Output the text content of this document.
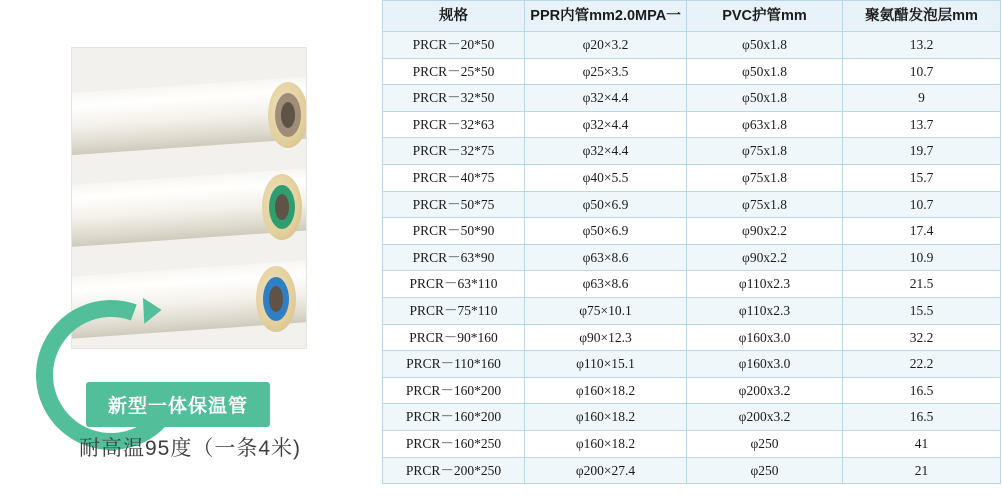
新型一体保温管
耐高温95度（一条4米)
规格	PPR内管mm2.0MPA一	PVC护管mm	聚氨醋发泡层mm
PRCR－20*50	φ20×3.2	φ50x1.8	13.2
PRCR－25*50	φ25×3.5	φ50x1.8	10.7
PRCR－32*50	φ32×4.4	φ50x1.8	9
PRCR－32*63	φ32×4.4	φ63x1.8	13.7
PRCR－32*75	φ32×4.4	φ75x1.8	19.7
PRCR－40*75	φ40×5.5	φ75x1.8	15.7
PRCR－50*75	φ50×6.9	φ75x1.8	10.7
PRCR－50*90	φ50×6.9	φ90x2.2	17.4
PRCR－63*90	φ63×8.6	φ90x2.2	10.9
PRCR－63*110	φ63×8.6	φ110x2.3	21.5
PRCR－75*110	φ75×10.1	φ110x2.3	15.5
PRCR－90*160	φ90×12.3	φ160x3.0	32.2
PRCR－110*160	φ110×15.1	φ160x3.0	22.2
PRCR－160*200	φ160×18.2	φ200x3.2	16.5
PRCR－160*200	φ160×18.2	φ200x3.2	16.5
PRCR－160*250	φ160×18.2	φ250	41
PRCR－200*250	φ200×27.4	φ250	21
